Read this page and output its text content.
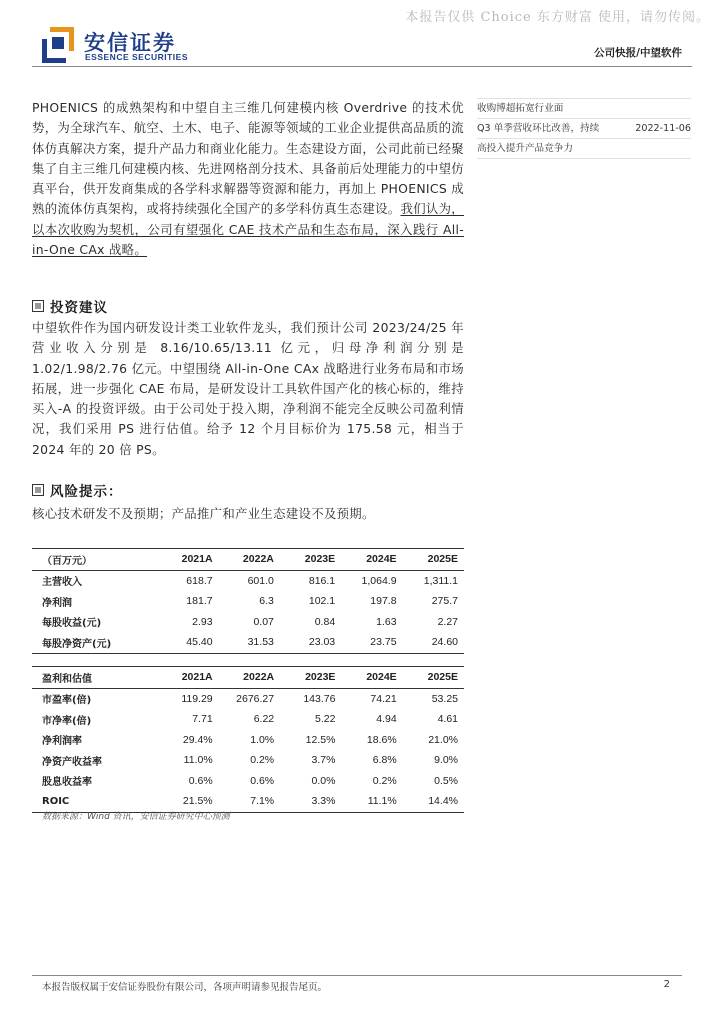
本报告仅供 Choice 东方财富 使用，请勿传阅。
安信证券
ESSENCE SECURITIES	公司快报/中望软件
PHOENICS 的成熟架构和中望自主三维几何建模内核 Overdrive 的技术优势，为全球汽车、航空、土木、电子、能源等领域的工业企业提供高品质的流体仿真解决方案，提升产品力和商业化能力。生态建设方面，公司此前已经聚集了自主三维几何建模内核、先进网格剖分技术、具备前后处理能力的中望仿真平台，供开发商集成的各学科求解器等资源和能力，再加上 PHOENICS 成熟的流体仿真架构，或将持续强化全国产的多学科仿真生态建设。我们认为，以本次收购为契机，公司有望强化 CAE 技术产品和生态布局，深入践行 All-in-One CAx 战略。
收购博超拓宽行业面
Q3 单季营收环比改善，持续	2022-11-06
高投入提升产品竞争力
投资建议
中望软件作为国内研发设计类工业软件龙头，我们预计公司 2023/24/25 年营业收入分别是 8.16/10.65/13.11 亿元，归母净利润分别是 1.02/1.98/2.76 亿元。中望围绕 All-in-One CAx 战略进行业务布局和市场拓展，进一步强化 CAE 布局，是研发设计工具软件国产化的核心标的，维持买入-A 的投资评级。由于公司处于投入期，净利润不能完全反映公司盈利情况，我们采用 PS 进行估值。给予 12 个月目标价为 175.58 元，相当于 2024 年的 20 倍 PS。
风险提示：
核心技术研发不及预期；产品推广和产业生态建设不及预期。
（百万元）	2021A	2022A	2023E	2024E	2025E
主营收入	618.7	601.0	816.1	1,064.9	1,311.1
净利润	181.7	6.3	102.1	197.8	275.7
每股收益(元)	2.93	0.07	0.84	1.63	2.27
每股净资产(元)	45.40	31.53	23.03	23.75	24.60
盈利和估值	2021A	2022A	2023E	2024E	2025E
市盈率(倍)	119.29	2676.27	143.76	74.21	53.25
市净率(倍)	7.71	6.22	5.22	4.94	4.61
净利润率	29.4%	1.0%	12.5%	18.6%	21.0%
净资产收益率	11.0%	0.2%	3.7%	6.8%	9.0%
股息收益率	0.6%	0.6%	0.0%	0.2%	0.5%
ROIC	21.5%	7.1%	3.3%	11.1%	14.4%
数据来源：Wind 资讯，安信证券研究中心预测
本报告版权属于安信证券股份有限公司，各项声明请参见报告尾页。	2
